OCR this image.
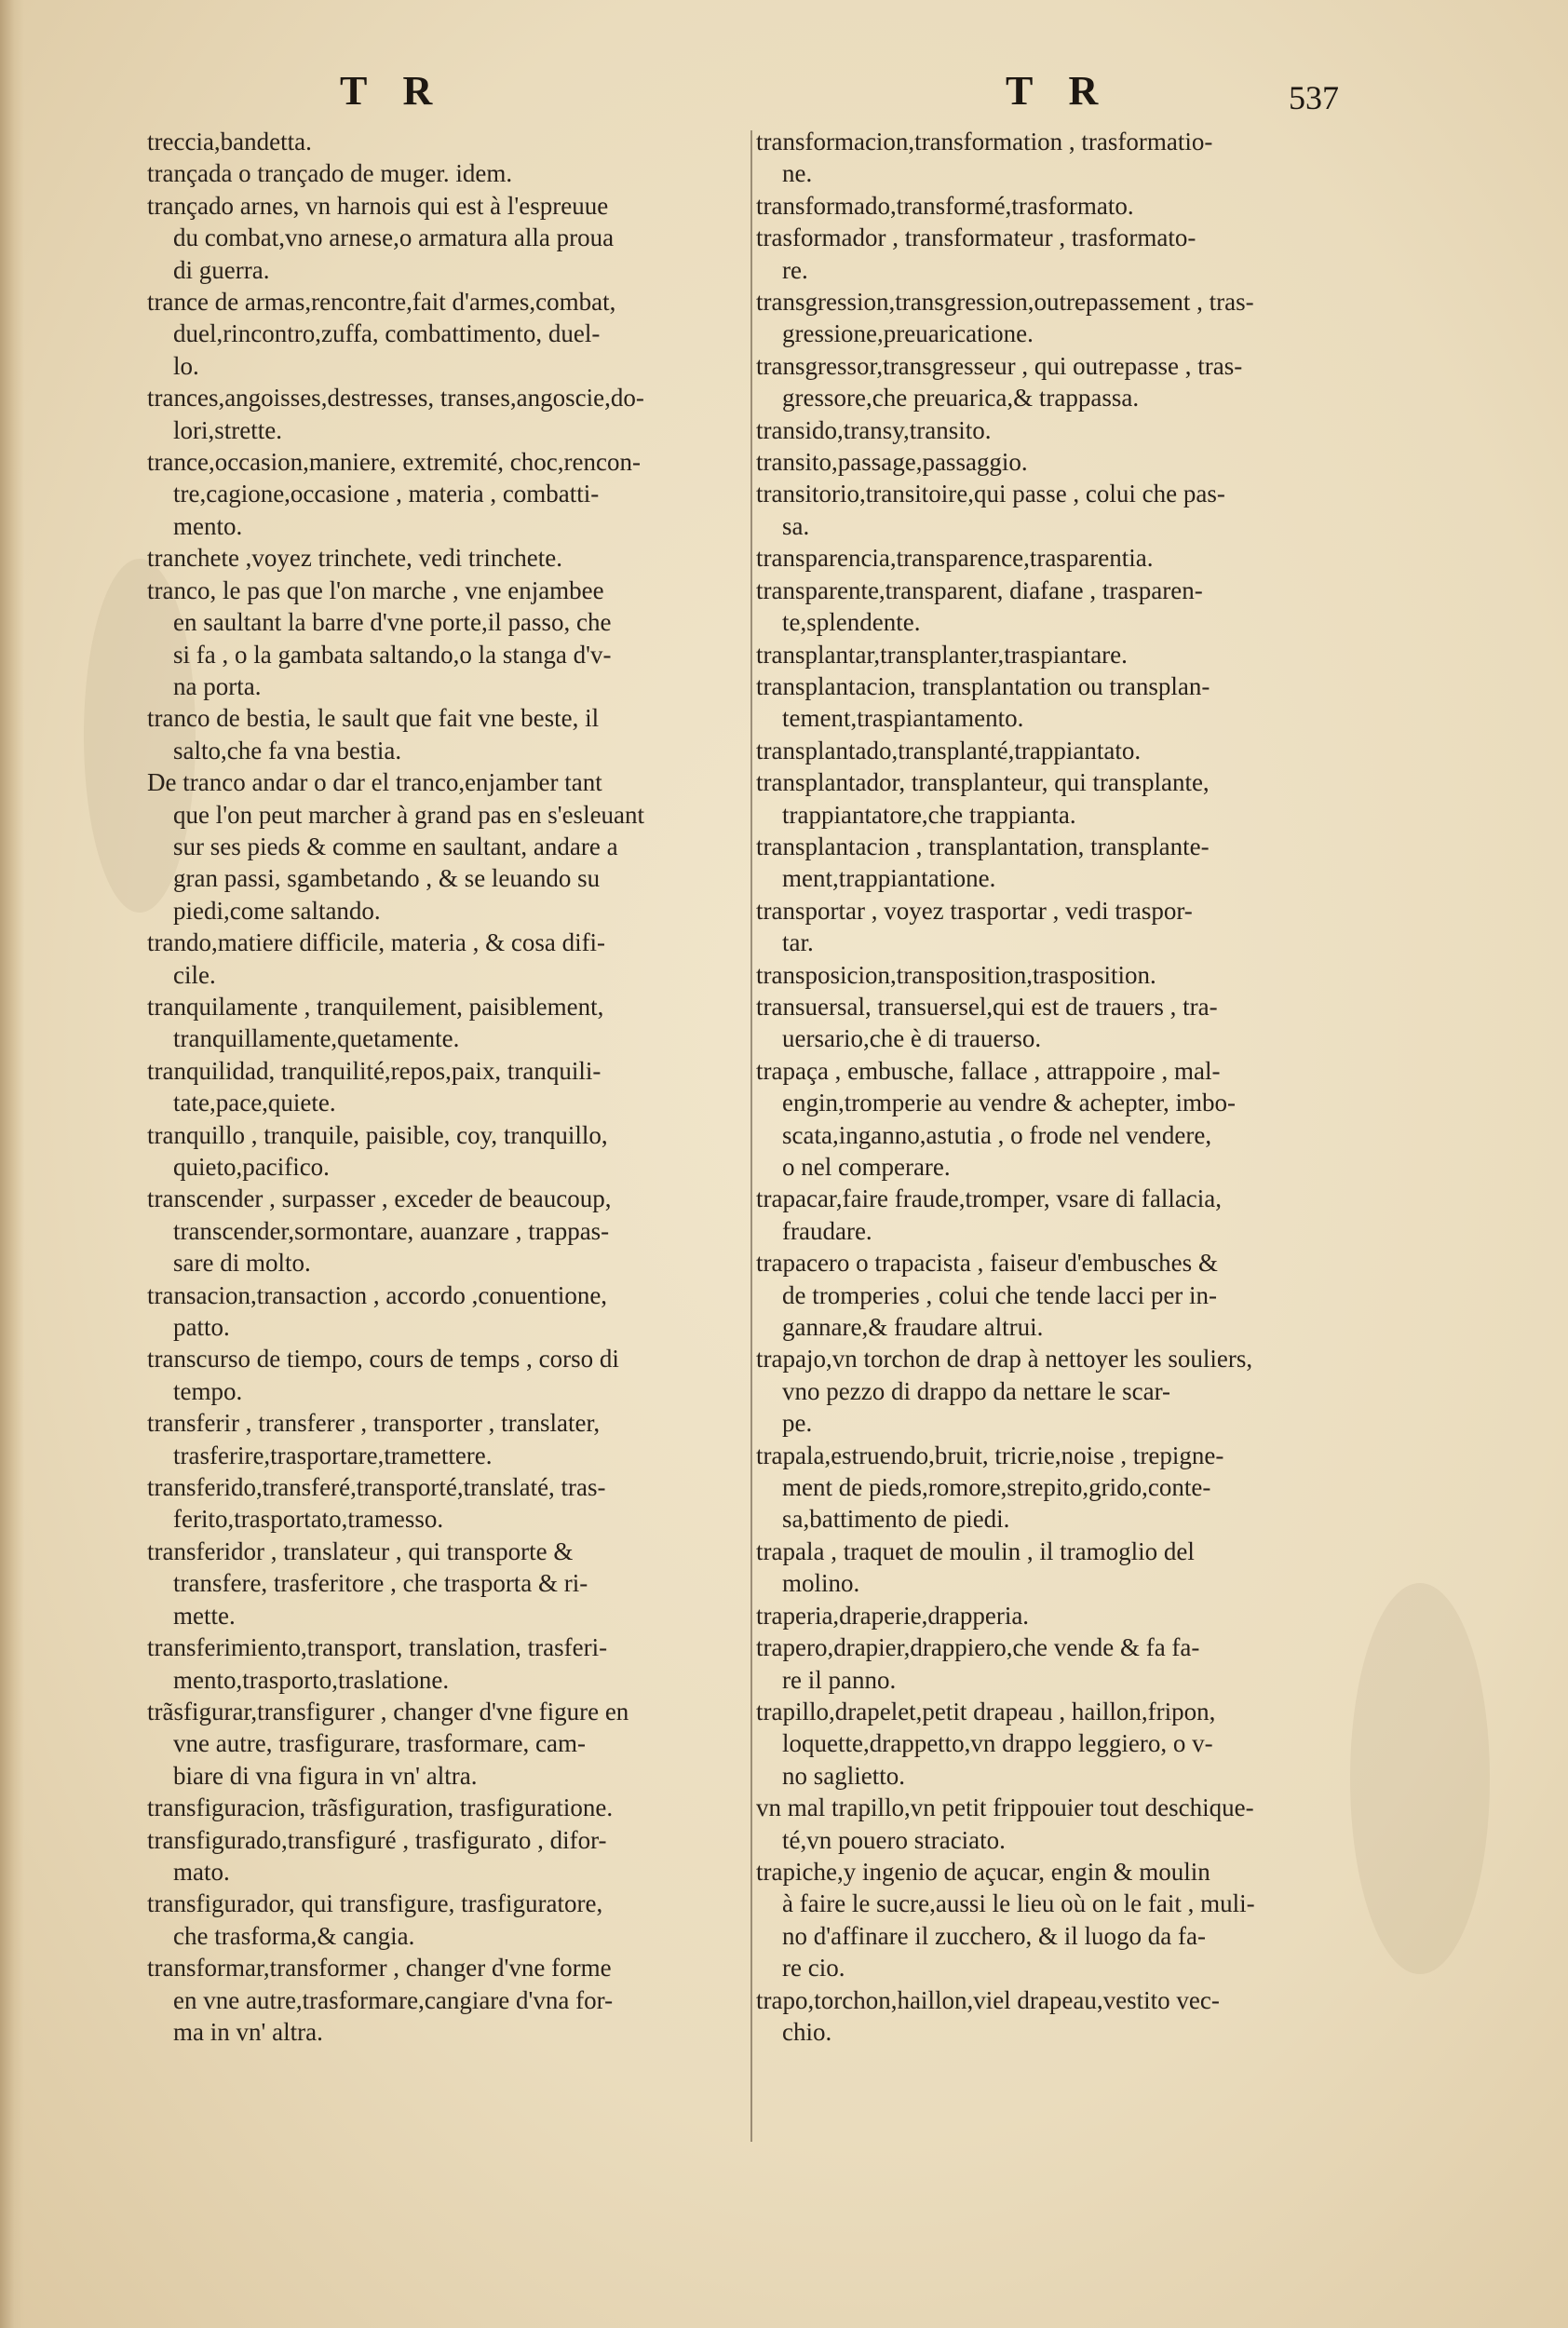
T R	T R	537
treccia,bandetta.
trançada o trançado de muger. idem.
trançado arnes, vn harnois qui est à l'espreuue
du combat,vno arnese,o armatura alla proua
di guerra.
trance de armas,rencontre,fait d'armes,combat,
duel,rincontro,zuffa, combattimento, duel-
lo.
trances,angoisses,destresses, transes,angoscie,do-
lori,strette.
trance,occasion,maniere, extremité, choc,rencon-
tre,cagione,occasione , materia , combatti-
mento.
tranchete ,voyez trinchete, vedi trinchete.
tranco, le pas que l'on marche , vne enjambee
en saultant la barre d'vne porte,il passo, che
si fa , o la gambata saltando,o la stanga d'v-
na porta.
tranco de bestia, le sault que fait vne beste, il
salto,che fa vna bestia.
De tranco andar o dar el tranco,enjamber tant
que l'on peut marcher à grand pas en s'esleuant
sur ses pieds & comme en saultant, andare a
gran passi, sgambetando , & se leuando su
piedi,come saltando.
trando,matiere difficile, materia , & cosa difi-
cile.
tranquilamente , tranquilement, paisiblement,
tranquillamente,quetamente.
tranquilidad, tranquilité,repos,paix, tranquili-
tate,pace,quiete.
tranquillo , tranquile, paisible, coy, tranquillo,
quieto,pacifico.
transcender , surpasser , exceder de beaucoup,
transcender,sormontare, auanzare , trappas-
sare di molto.
transacion,transaction , accordo ,conuentione,
patto.
transcurso de tiempo, cours de temps , corso di
tempo.
transferir , transferer , transporter , translater,
trasferire,trasportare,tramettere.
transferido,transferé,transporté,translaté, tras-
ferito,trasportato,tramesso.
transferidor , translateur , qui transporte &
transfere, trasferitore , che trasporta & ri-
mette.
transferimiento,transport, translation, trasferi-
mento,trasporto,traslatione.
trãsfigurar,transfigurer , changer d'vne figure en
vne autre, trasfigurare, trasformare, cam-
biare di vna figura in vn' altra.
transfiguracion, trãsfiguration, trasfiguratione.
transfigurado,transfiguré , trasfigurato , difor-
mato.
transfigurador, qui transfigure, trasfiguratore,
che trasforma,& cangia.
transformar,transformer , changer d'vne forme
en vne autre,trasformare,cangiare d'vna for-
ma in vn' altra.
transformacion,transformation , trasformatio-
ne.
transformado,transformé,trasformato.
trasformador , transformateur , trasformato-
re.
transgression,transgression,outrepassement , tras-
gressione,preuaricatione.
transgressor,transgresseur , qui outrepasse , tras-
gressore,che preuarica,& trappassa.
transido,transy,transito.
transito,passage,passaggio.
transitorio,transitoire,qui passe , colui che pas-
sa.
transparencia,transparence,trasparentia.
transparente,transparent, diafane , trasparen-
te,splendente.
transplantar,transplanter,traspiantare.
transplantacion, transplantation ou transplan-
tement,traspiantamento.
transplantado,transplanté,trappiantato.
transplantador, transplanteur, qui transplante,
trappiantatore,che trappianta.
transplantacion , transplantation, transplante-
ment,trappiantatione.
transportar , voyez trasportar , vedi traspor-
tar.
transposicion,transposition,trasposition.
transuersal, transuersel,qui est de trauers , tra-
uersario,che è di trauerso.
trapaça , embusche, fallace , attrappoire , mal-
engin,tromperie au vendre & achepter, imbo-
scata,inganno,astutia , o frode nel vendere,
o nel comperare.
trapacar,faire fraude,tromper, vsare di fallacia,
fraudare.
trapacero o trapacista , faiseur d'embusches &
de tromperies , colui che tende lacci per in-
gannare,& fraudare altrui.
trapajo,vn torchon de drap à nettoyer les souliers,
vno pezzo di drappo da nettare le scar-
pe.
trapala,estruendo,bruit, tricrie,noise , trepigne-
ment de pieds,romore,strepito,grido,conte-
sa,battimento de piedi.
trapala , traquet de moulin , il tramoglio del
molino.
traperia,draperie,drapperia.
trapero,drapier,drappiero,che vende & fa fa-
re il panno.
trapillo,drapelet,petit drapeau , haillon,fripon,
loquette,drappetto,vn drappo leggiero, o v-
no saglietto.
vn mal trapillo,vn petit frippouier tout deschique-
té,vn pouero straciato.
trapiche,y ingenio de açucar, engin & moulin
à faire le sucre,aussi le lieu où on le fait , muli-
no d'affinare il zucchero, & il luogo da fa-
re cio.
trapo,torchon,haillon,viel drapeau,vestito vec-
chio.
